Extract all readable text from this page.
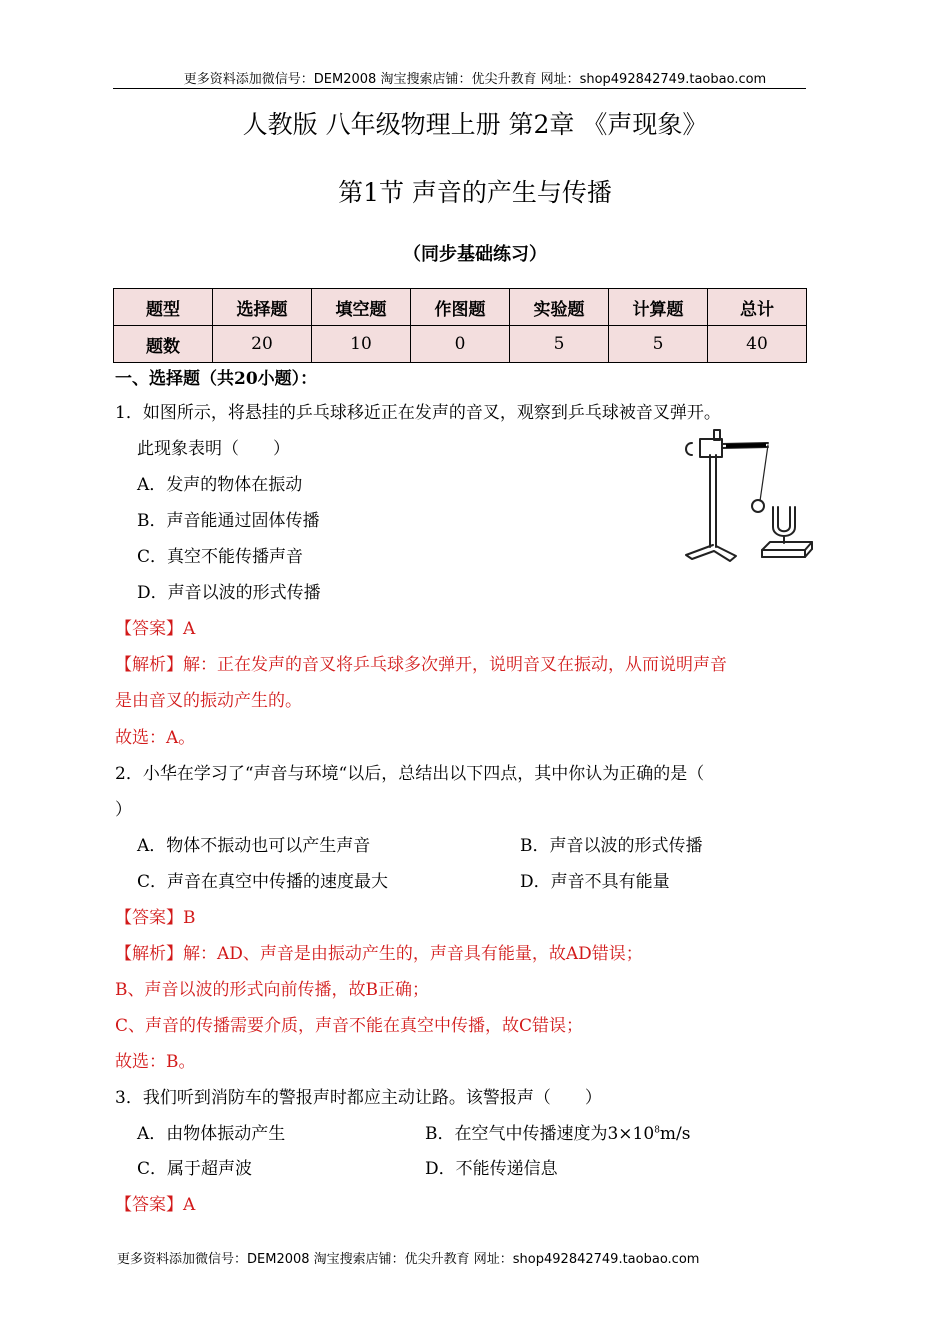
更多资料添加微信号：DEM2008 淘宝搜索店铺：优尖升教育 网址：shop492842749.taobao.com
人教版 八年级物理上册 第2章 《声现象》
第1节 声音的产生与传播
（同步基础练习）
题型	选择题	填空题	作图题	实验题	计算题	总计
题数	20	10	0	5	5	40
一、选择题（共20小题）：
1．如图所示，将悬挂的乒乓球移近正在发声的音叉，观察到乒乓球被音叉弹开。
此现象表明（　　）
A．发声的物体在振动
B．声音能通过固体传播
C．真空不能传播声音
D．声音以波的形式传播
【答案】A
【解析】解：正在发声的音叉将乒乓球多次弹开，说明音叉在振动，从而说明声音
是由音叉的振动产生的。
故选：A。
2．小华在学习了“声音与环境“以后，总结出以下四点，其中你认为正确的是（
）
A．物体不振动也可以产生声音	B．声音以波的形式传播
C．声音在真空中传播的速度最大	D．声音不具有能量
【答案】B
【解析】解：AD、声音是由振动产生的，声音具有能量，故AD错误；
B、声音以波的形式向前传播，故B正确；
C、声音的传播需要介质，声音不能在真空中传播，故C错误；
故选：B。
3．我们听到消防车的警报声时都应主动让路。该警报声（　　）
A．由物体振动产生	B．在空气中传播速度为$3\times 10^8m/s$
C．属于超声波	D．不能传递信息
【答案】A
更多资料添加微信号：DEM2008 淘宝搜索店铺：优尖升教育 网址：shop492842749.taobao.com
